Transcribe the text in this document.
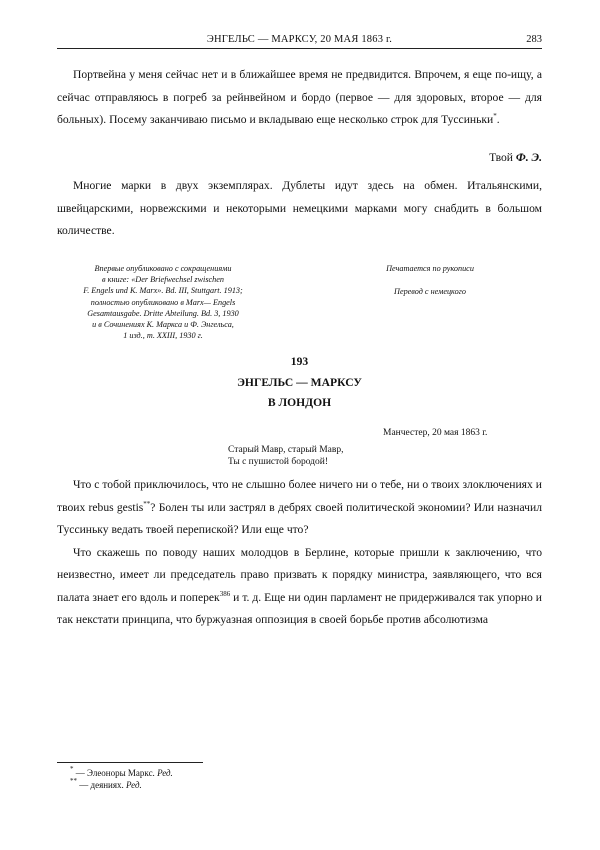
ЭНГЕЛЬС — МАРКСУ, 20 МАЯ 1863 г.	283

Портвейна у меня сейчас нет и в ближайшее время не предвидится. Впрочем, я еще по-ищу, а сейчас отправляюсь в погреб за рейнвейном и бордо (первое — для здоровых, второе — для больных). Посему заканчиваю письмо и вкладываю еще несколько строк для Туссиньки*.

Твой Ф. Э.

Многие марки в двух экземплярах. Дублеты идут здесь на обмен. Итальянскими, швейцарскими, норвежскими и некоторыми немецкими марками могу снабдить в большом количестве.

Впервые опубликовано с сокращениями
в книге: «Der Briefwechsel zwischen
F. Engels und K. Marx». Bd. III, Stuttgart. 1913;
полностью опубликовано в Marx— Engels
Gesamtausgabe. Dritte Abteilung. Bd. 3, 1930
и в Сочинениях К. Маркса и Ф. Энгельса,
1 изд., т. XXIII, 1930 г.
Печатается по рукописи
Перевод с немецкого
193
ЭНГЕЛЬС — МАРКСУ
В ЛОНДОН
Манчестер, 20 мая 1863 г.
Старый Мавр, старый Мавр,
Ты с пушистой бородой!

Что с тобой приключилось, что не слышно более ничего ни о тебе, ни о твоих злоключениях и твоих rebus gestis**? Болен ты или застрял в дебрях своей политической экономии? Или назначил Туссиньку ведать твоей перепиской? Или еще что?

Что скажешь по поводу наших молодцов в Берлине, которые пришли к заключению, что неизвестно, имеет ли председатель право призвать к порядку министра, заявляющего, что вся палата знает его вдоль и поперек$^{386}$ и т. д. Еще ни один парламент не придерживался так упорно и так некстати принципа, что буржуазная оппозиция в своей борьбе против абсолютизма

* — Элеоноры Маркс. Ред.
** — деяниях. Ред.
